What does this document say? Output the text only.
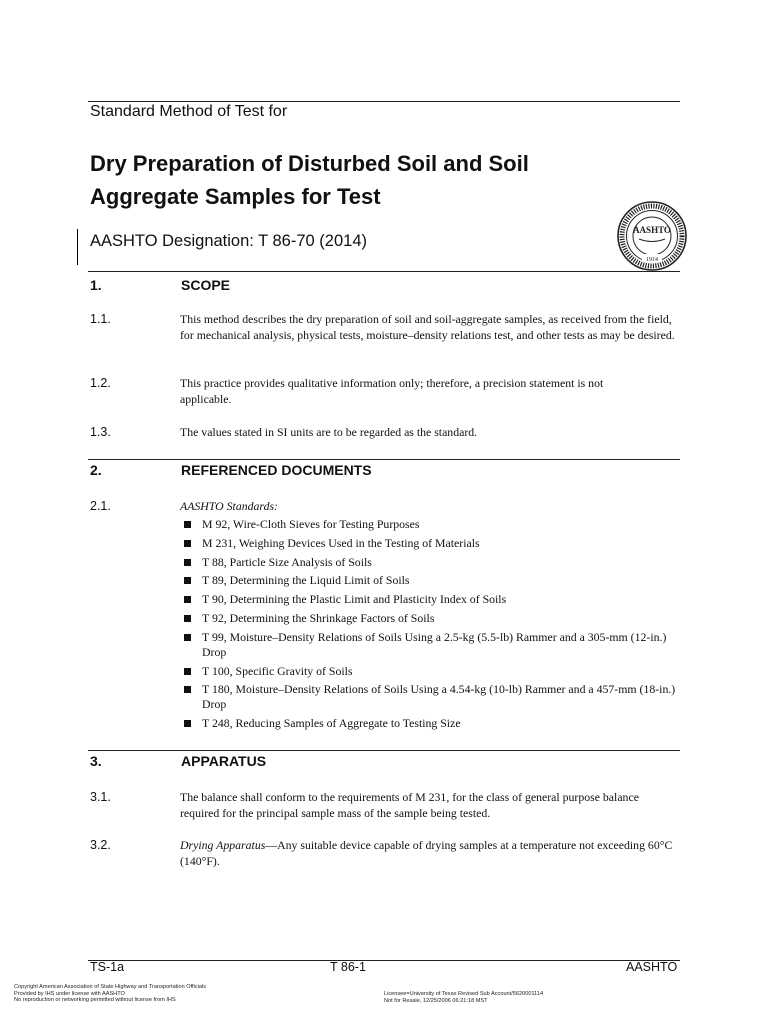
Standard Method of Test for
Dry Preparation of Disturbed Soil and Soil
Aggregate Samples for Test
AASHTO Designation: T 86-70 (2014)
AASHTO
1914
1.	SCOPE
1.1.	This method describes the dry preparation of soil and soil-aggregate samples, as received from the field, for mechanical analysis, physical tests, moisture–density relations test, and other tests as may be desired.
1.2.	This practice provides qualitative information only; therefore, a precision statement is not applicable.
1.3.	The values stated in SI units are to be regarded as the standard.
2.	REFERENCED DOCUMENTS
2.1.	AASHTO Standards:
M 92, Wire-Cloth Sieves for Testing Purposes
M 231, Weighing Devices Used in the Testing of Materials
T 88, Particle Size Analysis of Soils
T 89, Determining the Liquid Limit of Soils
T 90, Determining the Plastic Limit and Plasticity Index of Soils
T 92, Determining the Shrinkage Factors of Soils
T 99, Moisture–Density Relations of Soils Using a 2.5-kg (5.5-lb) Rammer and a 305-mm (12-in.) Drop
T 100, Specific Gravity of Soils
T 180, Moisture–Density Relations of Soils Using a 4.54-kg (10-lb) Rammer and a 457-mm (18-in.) Drop
T 248, Reducing Samples of Aggregate to Testing Size
3.	APPARATUS
3.1.	The balance shall conform to the requirements of M 231, for the class of general purpose balance required for the principal sample mass of the sample being tested.
3.2.	Drying Apparatus—Any suitable device capable of drying samples at a temperature not exceeding 60°C (140°F).
TS-1a	T 86-1	AASHTO
Copyright American Association of State Highway and Transportation Officials
Provided by IHS under license with AASHTO
No reproduction or networking permitted without license from IHS
Licensee=University of Texas Revised Sub Account/5620001114
Not for Resale, 12/25/2006 06:21:18 MST
